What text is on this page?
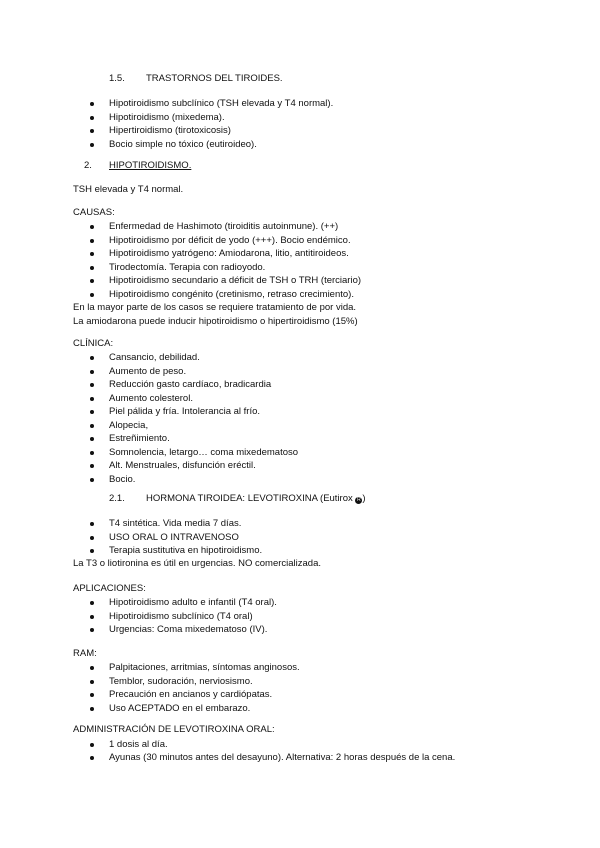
1.5. TRASTORNOS DEL TIROIDES.
Hipotiroidismo subclínico (TSH elevada y T4 normal).
Hipotiroidismo (mixedema).
Hipertiroidismo (tirotoxicosis)
Bocio simple no tóxico (eutiroideo).
2. HIPOTIROIDISMO.
TSH elevada y T4 normal.
CAUSAS:
Enfermedad de Hashimoto (tiroiditis autoinmune). (++)
Hipotiroidismo por déficit de yodo (+++). Bocio endémico.
Hipotiroidismo yatrógeno: Amiodarona, litio, antitiroideos.
Tirodectomía. Terapia con radioyodo.
Hipotiroidismo secundario a déficit de TSH o TRH (terciario)
Hipotiroidismo congénito (cretinismo, retraso crecimiento).
En la mayor parte de los casos se requiere tratamiento de por vida.
La amiodarona puede inducir hipotiroidismo o hipertiroidismo (15%)
CLÍNICA:
Cansancio, debilidad.
Aumento de peso.
Reducción gasto cardíaco, bradicardia
Aumento colesterol.
Piel pálida y fría. Intolerancia al frío.
Alopecia,
Estreñimiento.
Somnolencia, letargo… coma mixedematoso
Alt. Menstruales, disfunción eréctil.
Bocio.
2.1. HORMONA TIROIDEA: LEVOTIROXINA (Eutirox R )
T4 sintética. Vida media 7 días.
USO ORAL O INTRAVENOSO
Terapia sustitutiva en hipotiroidismo.
La T3 o liotironina es útil en urgencias. NO comercializada.
APLICACIONES:
Hipotiroidismo adulto e infantil (T4 oral).
Hipotiroidismo subclínico (T4 oral)
Urgencias: Coma mixedematoso (IV).
RAM:
Palpitaciones, arritmias, síntomas anginosos.
Temblor, sudoración, nerviosismo.
Precaución en ancianos y cardiópatas.
Uso ACEPTADO en el embarazo.
ADMINISTRACIÓN DE LEVOTIROXINA ORAL:
1 dosis al día.
Ayunas (30 minutos antes del desayuno). Alternativa: 2 horas después de la cena.
